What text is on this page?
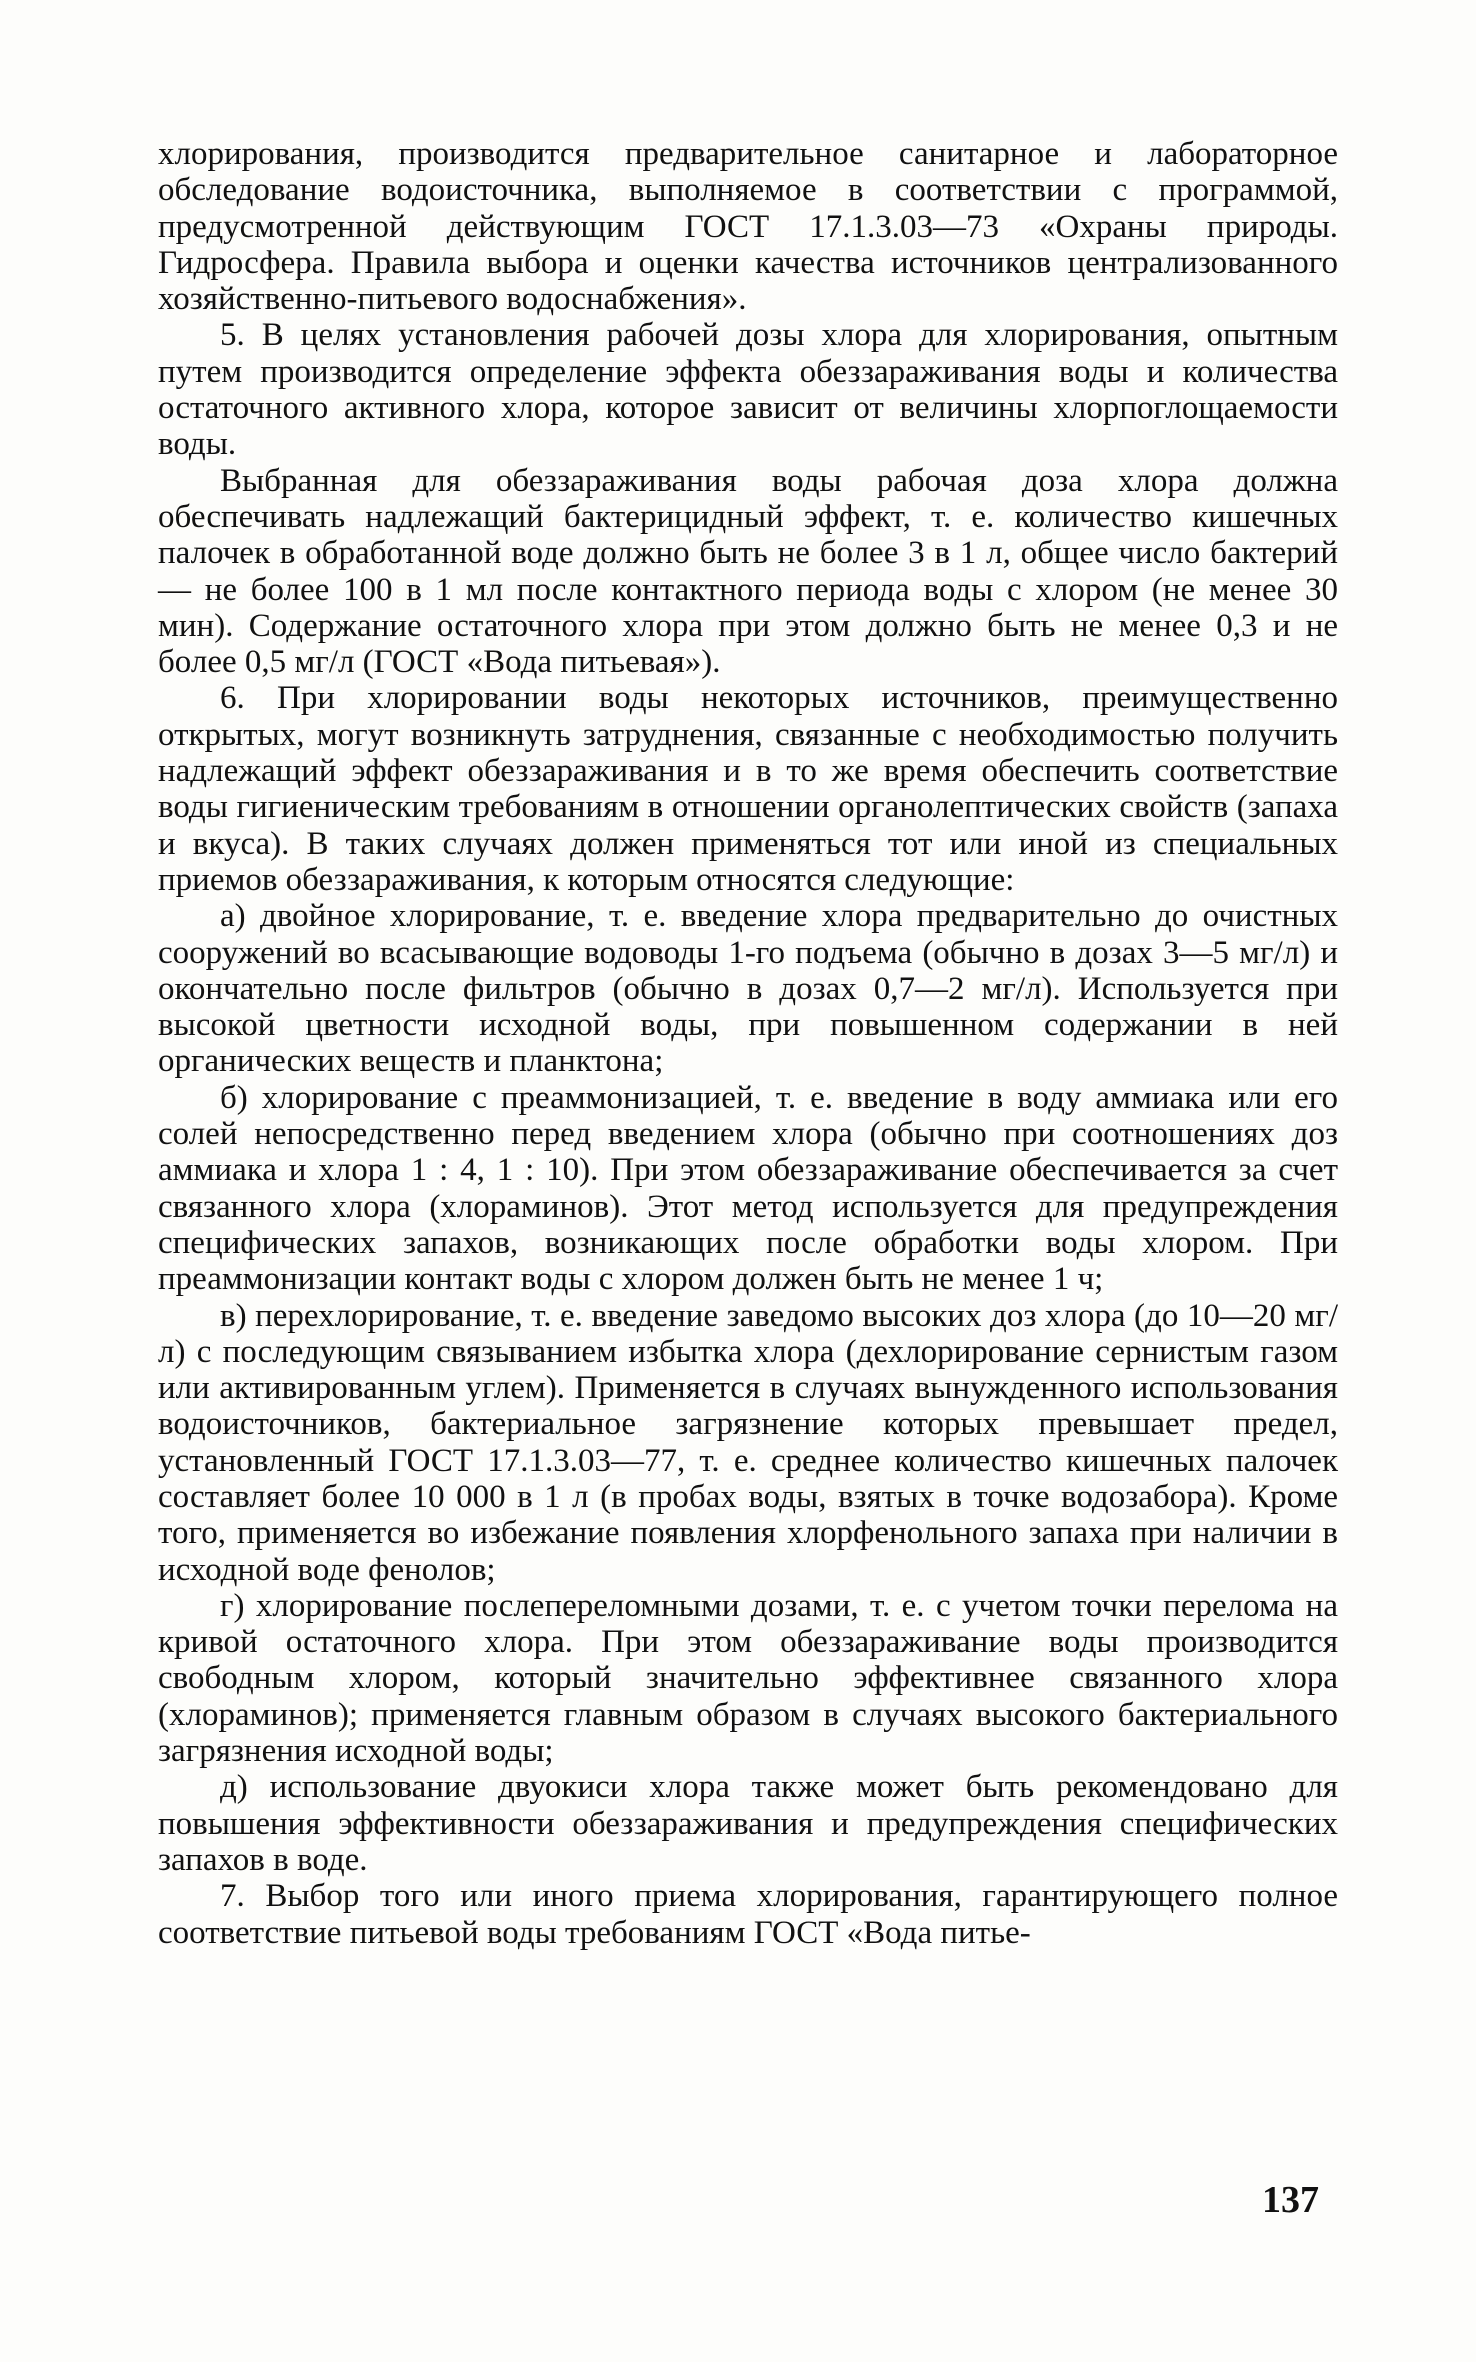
хлорирования, производится предварительное санитарное и лабораторное обследование водоисточника, выполняемое в соответствии с программой, предусмотренной действующим ГОСТ 17.1.3.03—73 «Охраны природы. Гидросфера. Правила выбора и оценки качества источников централизованного хозяйственно-питьевого водоснабжения».

5. В целях установления рабочей дозы хлора для хлорирования, опытным путем производится определение эффекта обеззараживания воды и количества остаточного активного хлора, которое зависит от величины хлорпоглощаемости воды.

Выбранная для обеззараживания воды рабочая доза хлора должна обеспечивать надлежащий бактерицидный эффект, т. е. количество кишечных палочек в обработанной воде должно быть не более 3 в 1 л, общее число бактерий — не более 100 в 1 мл после контактного периода воды с хлором (не менее 30 мин). Содержание остаточного хлора при этом должно быть не менее 0,3 и не более 0,5 мг/л (ГОСТ «Вода питьевая»).

6. При хлорировании воды некоторых источников, преимущественно открытых, могут возникнуть затруднения, связанные с необходимостью получить надлежащий эффект обеззараживания и в то же время обеспечить соответствие воды гигиеническим требованиям в отношении органолептических свойств (запаха и вкуса). В таких случаях должен применяться тот или иной из специальных приемов обеззараживания, к которым относятся следующие:

а) двойное хлорирование, т. е. введение хлора предварительно до очистных сооружений во всасывающие водоводы 1-го подъема (обычно в дозах 3—5 мг/л) и окончательно после фильтров (обычно в дозах 0,7—2 мг/л). Используется при высокой цветности исходной воды, при повышенном содержании в ней органических веществ и планктона;

б) хлорирование с преаммонизацией, т. е. введение в воду аммиака или его солей непосредственно перед введением хлора (обычно при соотношениях доз аммиака и хлора 1 : 4, 1 : 10). При этом обеззараживание обеспечивается за счет связанного хлора (хлораминов). Этот метод используется для предупреждения специфических запахов, возникающих после обработки воды хлором. При преаммонизации контакт воды с хлором должен быть не менее 1 ч;

в) перехлорирование, т. е. введение заведомо высоких доз хлора (до 10—20 мг/л) с последующим связыванием избытка хлора (дехлорирование сернистым газом или активированным углем). Применяется в случаях вынужденного использования водоисточников, бактериальное загрязнение которых превышает предел, установленный ГОСТ 17.1.3.03—77, т. е. среднее количество кишечных палочек составляет более 10 000 в 1 л (в пробах воды, взятых в точке водозабора). Кроме того, применяется во избежание появления хлорфенольного запаха при наличии в исходной воде фенолов;

г) хлорирование послепереломными дозами, т. е. с учетом точки перелома на кривой остаточного хлора. При этом обеззараживание воды производится свободным хлором, который значительно эффективнее связанного хлора (хлораминов); применяется главным образом в случаях высокого бактериального загрязнения исходной воды;

д) использование двуокиси хлора также может быть рекомендовано для повышения эффективности обеззараживания и предупреждения специфических запахов в воде.

7. Выбор того или иного приема хлорирования, гарантирующего полное соответствие питьевой воды требованиям ГОСТ «Вода питье-

137
